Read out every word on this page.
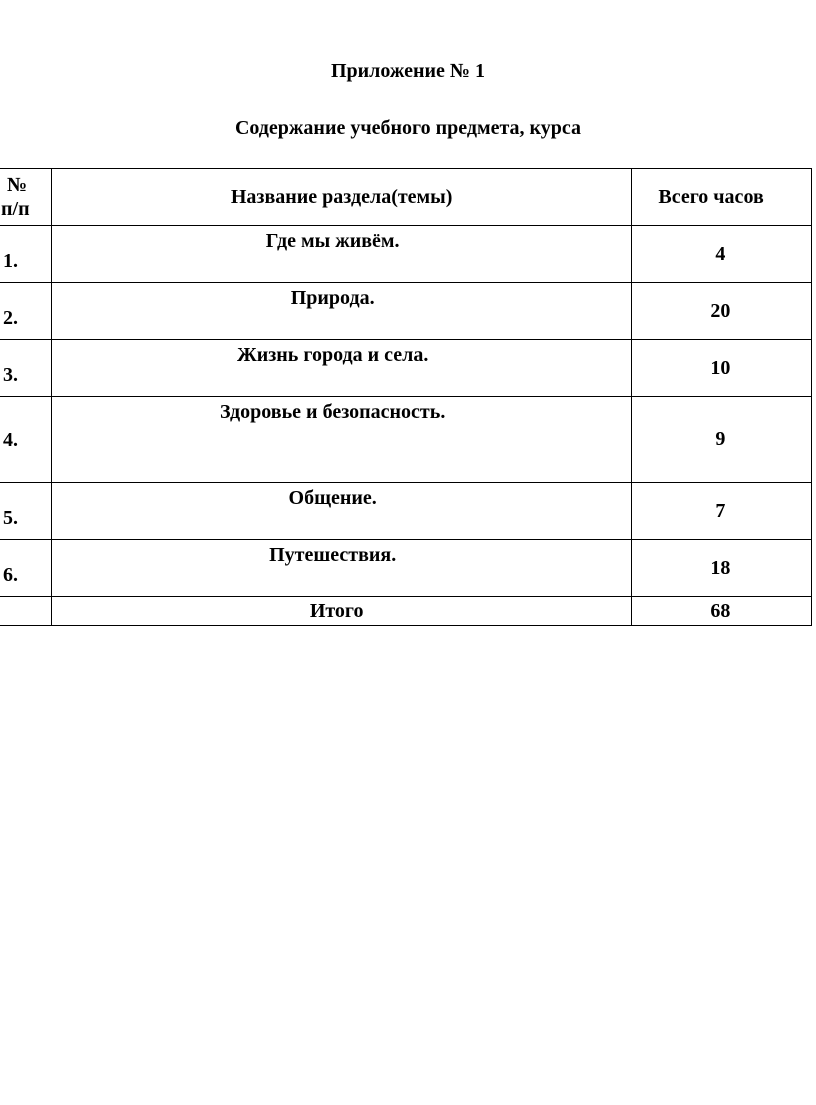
Приложение № 1
Содержание учебного предмета, курса
№
п/п	Название раздела(темы)	Всего часов
1.	Где мы живём.	4

2.	Природа.	20

3.	Жизнь города и села.	10

4.	Здоровье и безопасность.	9

5.	Общение.	7

6.	Путешествия.	18

	Итого	68
